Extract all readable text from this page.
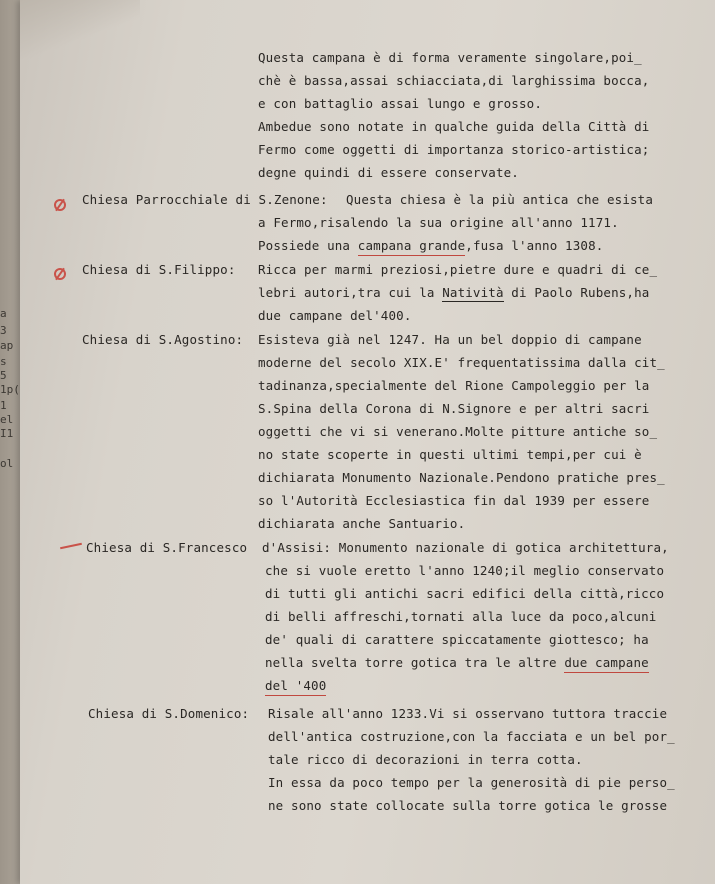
a
3
ap
s
5
1p(
1
el
I1
ol
Questa campana è di forma veramente singolare,poi_
chè è bassa,assai schiacciata,di larghissima bocca,
e con battaglio assai lungo e grosso.
Ambedue sono notate in qualche guida della Città di
Fermo come oggetti di importanza storico-artistica;
degne quindi di essere conservate.
Chiesa Parrocchiale di S.Zenone: Questa chiesa è la più antica che esista
a Fermo,risalendo la sua origine all'anno 1171.
Possiede una campana grande,fusa l'anno 1308.
Chiesa di S.Filippo: Ricca per marmi preziosi,pietre dure e quadri di ce_
lebri autori,tra cui la Natività di Paolo Rubens,ha
due campane del'400.
Chiesa di S.Agostino: Esisteva già nel 1247. Ha un bel doppio di campane
moderne del secolo XIX.E' frequentatissima dalla cit_
tadinanza,specialmente del Rione Campoleggio per la
S.Spina della Corona di N.Signore e per altri sacri
oggetti che vi si venerano.Molte pitture antiche so_
no state scoperte in questi ultimi tempi,per cui è
dichiarata Monumento Nazionale.Pendono pratiche pres_
so l'Autorità Ecclesiastica fin dal 1939 per essere
dichiarata anche Santuario.
Chiesa di S.Francesco d'Assisi: Monumento nazionale di gotica architettura,
che si vuole eretto l'anno 1240;il meglio conservato
di tutti gli antichi sacri edifici della città,ricco
di belli affreschi,tornati alla luce da poco,alcuni
de' quali di carattere spiccatamente giottesco; ha
nella svelta torre gotica tra le altre due campane
del '400
Chiesa di S.Domenico: Risale all'anno 1233.Vi si osservano tuttora traccie
dell'antica costruzione,con la facciata e un bel por_
tale ricco di decorazioni in terra cotta.
In essa da poco tempo per la generosità di pie perso_
ne sono state collocate sulla torre gotica le grosse
